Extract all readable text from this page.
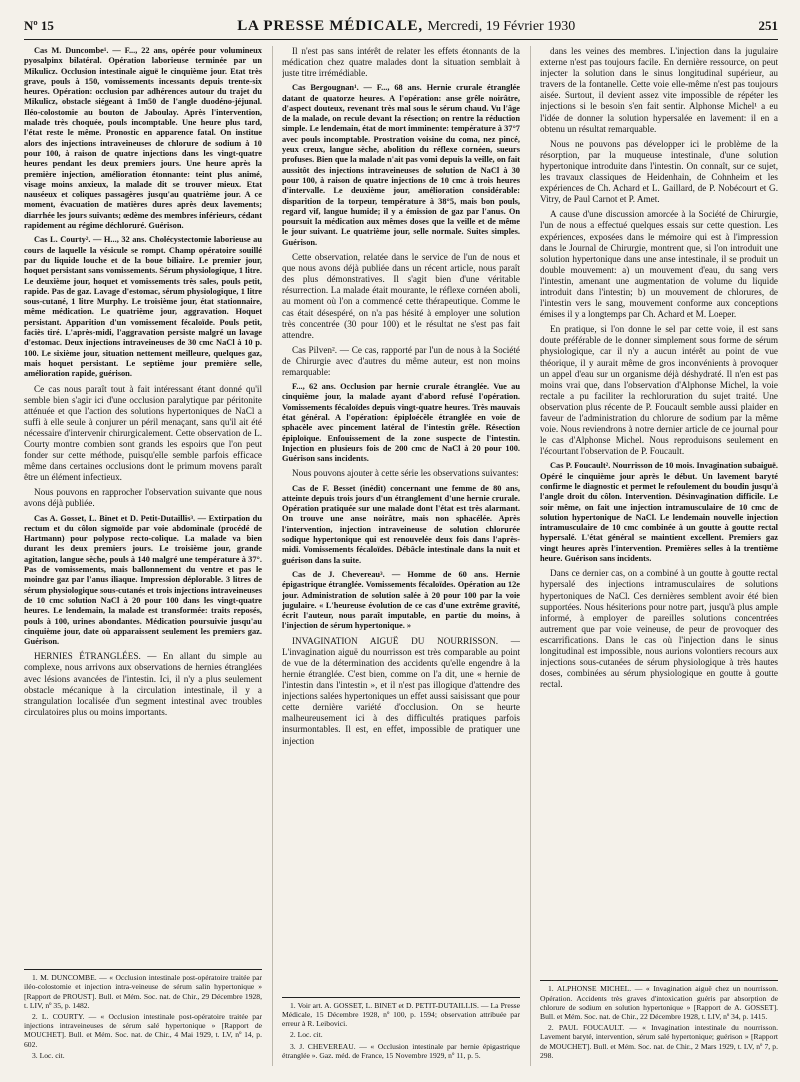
Nº 15	LA PRESSE MÉDICALE, Mercredi, 19 Février 1930	251

Cas M. Duncombe¹. — F..., 22 ans, opérée pour volumineux pyosalpinx bilatéral. Opération laborieuse terminée par un Mikulicz. Occlusion intestinale aiguë le cinquième jour. Etat très grave, pouls à 150, vomissements incessants depuis trente-six heures. Opération: occlusion par adhérences autour du trajet du Mikulicz, obstacle siégeant à 1m50 de l'angle duodéno-jéjunal. Iléo-colostomie au bouton de Jaboulay. Après l'intervention, malade très choquée, pouls incomptable. Une heure plus tard, l'état reste le même. Pronostic en apparence fatal. On institue alors des injections intraveineuses de chlorure de sodium à 10 pour 100, à raison de quatre injections dans les vingt-quatre heures pendant les deux premiers jours. Une heure après la première injection, amélioration étonnante: teint plus animé, visage moins anxieux, la malade dit se trouver mieux. Etat nauséeux et coliques passagères jusqu'au quatrième jour. A ce moment, évacuation de matières dures après deux lavements; diarrhée les jours suivants; œdème des membres inférieurs, cédant rapidement au régime déchloruré. Guérison.

Cas L. Courty². — H..., 32 ans. Cholécystectomie laborieuse au cours de laquelle la vésicule se rompt. Champ opératoire souillé par du liquide louche et de la boue biliaire. Le premier jour, hoquet persistant sans vomissements. Sérum physiologique, 1 litre. Le deuxième jour, hoquet et vomissements très sales, pouls petit, rapide. Pas de gaz. Lavage d'estomac, sérum physiologique, 1 litre sous-cutané, 1 litre Murphy. Le troisième jour, état stationnaire, même médication. Le quatrième jour, aggravation. Hoquet persistant. Apparition d'un vomissement fécaloïde. Pouls petit, faciès tiré. L'après-midi, l'aggravation persiste malgré un lavage d'estomac. Deux injections intraveineuses de 30 cmc NaCl à 10 p. 100. Le sixième jour, situation nettement meilleure, quelques gaz, mais hoquet persistant. Le septième jour première selle, amélioration rapide, guérison.

Ce cas nous paraît tout à fait intéressant étant donné qu'il semble bien s'agir ici d'une occlusion paralytique par péritonite atténuée et que l'action des solutions hypertoniques de NaCl a suffi à elle seule à conjurer un péril menaçant, sans qu'il ait été nécessaire d'intervenir chirurgicalement. Cette observation de L. Courty montre combien sont grands les espoirs que l'on peut fonder sur cette méthode, puisqu'elle semble parfois efficace même dans certaines occlusions dont le primum movens paraît être un élément infectieux.

Nous pouvons en rapprocher l'observation suivante que nous avons déjà publiée.

Cas A. Gosset, L. Binet et D. Petit-Dutaillis³. — Extirpation du rectum et du côlon sigmoïde par voie abdominale (procédé de Hartmann) pour polypose recto-colique. La malade va bien durant les deux premiers jours. Le troisième jour, grande agitation, langue sèche, pouls à 140 malgré une température à 37°. Pas de vomissements, mais ballonnement du ventre et pas le moindre gaz par l'anus iliaque. Impression déplorable. 3 litres de sérum physiologique sous-cutanés et trois injections intraveineuses de 10 cmc solution NaCl à 20 pour 100 dans les vingt-quatre heures. Le lendemain, la malade est transformée: traits reposés, pouls à 100, urines abondantes. Médication poursuivie jusqu'au cinquième jour, date où apparaissent seulement les premiers gaz. Guérison.

HERNIES ÉTRANGLÉES. — En allant du simple au complexe, nous arrivons aux observations de hernies étranglées avec lésions avancées de l'intestin. Ici, il n'y a plus seulement obstacle mécanique à la circulation intestinale, il y a strangulation localisée d'un segment intestinal avec troubles circulatoires plus ou moins importants.

1. M. DUNCOMBE. — « Occlusion intestinale post-opératoire traitée par iléo-colostomie et injection intra-veineuse de sérum salin hypertonique » [Rapport de PROUST]. Bull. et Mém. Soc. nat. de Chir., 29 Décembre 1928, t. LIV, nº 35, p. 1482.

2. L. COURTY. — « Occlusion intestinale post-opératoire traitée par injections intraveineuses de sérum salé hypertonique » [Rapport de MOUCHET]. Bull. et Mém. Soc. nat. de Chir., 4 Mai 1929, t. LV, nº 14, p. 602.

3. Loc. cit.

Il n'est pas sans intérêt de relater les effets étonnants de la médication chez quatre malades dont la situation semblait à juste titre irrémédiable.

Cas Bergougnan¹. — F..., 68 ans. Hernie crurale étranglée datant de quatorze heures. A l'opération: anse grêle noirâtre, d'aspect douteux, revenant très mal sous le sérum chaud. Vu l'âge de la malade, on recule devant la résection; on rentre la réduction simple. Le lendemain, état de mort imminente: température à 37°7 avec pouls incomptable. Prostration voisine du coma, nez pincé, yeux creux, langue sèche, abolition du réflexe cornéen, sueurs profuses. Bien que la malade n'ait pas vomi depuis la veille, on fait aussitôt des injections intraveineuses de solution de NaCl à 30 pour 100, à raison de quatre injections de 10 cmc à trois heures d'intervalle. Le deuxième jour, amélioration considérable: disparition de la torpeur, température à 38°5, mais bon pouls, regard vif, langue humide; il y a émission de gaz par l'anus. On poursuit la médication aux mêmes doses que la veille et de même le jour suivant. Le quatrième jour, selle normale. Suites simples. Guérison.

Cette observation, relatée dans le service de l'un de nous et que nous avons déjà publiée dans un récent article, nous paraît des plus démonstratives. Il s'agit bien d'une véritable résurrection. La malade était mourante, le réflexe cornéen aboli, au moment où l'on a commencé cette thérapeutique. Comme le cas était désespéré, on n'a pas hésité à employer une solution très concentrée (30 pour 100) et le résultat ne s'est pas fait attendre.

Cas Pilven². — Ce cas, rapporté par l'un de nous à la Société de Chirurgie avec d'autres du même auteur, est non moins remarquable:

F..., 62 ans. Occlusion par hernie crurale étranglée. Vue au cinquième jour, la malade ayant d'abord refusé l'opération. Vomissements fécaloïdes depuis vingt-quatre heures. Très mauvais état général. A l'opération: épiploécèle étranglée en voie de sphacèle avec pincement latéral de l'intestin grêle. Résection épiploïque. Enfouissement de la zone suspecte de l'intestin. Injection en plusieurs fois de 200 cmc de NaCl à 20 pour 100. Guérison sans incidents.

Nous pouvons ajouter à cette série les observations suivantes:

Cas de F. Besset (inédit) concernant une femme de 80 ans, atteinte depuis trois jours d'un étranglement d'une hernie crurale. Opération pratiquée sur une malade dont l'état est très alarmant. On trouve une anse noirâtre, mais non sphacélée. Après l'intervention, injection intraveineuse de solution chlorurée sodique hypertonique qui est renouvelée deux fois dans l'après-midi. Vomissements fécaloïdes. Débâcle intestinale dans la nuit et guérison dans la suite.

Cas de J. Chevereau³. — Homme de 60 ans. Hernie épigastrique étranglée. Vomissements fécaloïdes. Opération au 12e jour. Administration de solution salée à 20 pour 100 par la voie jugulaire. « L'heureuse évolution de ce cas d'une extrême gravité, écrit l'auteur, nous paraît imputable, en partie du moins, à l'injection de sérum hypertonique. »

INVAGINATION AIGUË DU NOURRISSON. — L'invagination aiguë du nourrisson est très comparable au point de vue de la détermination des accidents qu'elle engendre à la hernie étranglée. C'est bien, comme on l'a dit, une « hernie de l'intestin dans l'intestin », et il n'est pas illogique d'attendre des injections salées hypertoniques un effet aussi saisissant que pour cette dernière variété d'occlusion. On se heurte malheureusement ici à des difficultés pratiques parfois insurmontables. Il est, en effet, impossible de pratiquer une injection

1. Voir art. A. GOSSET, L. BINET et D. PETIT-DUTAILLIS. — La Presse Médicale, 15 Décembre 1928, nº 100, p. 1594; observation attribuée par erreur à R. Leibovici.

2. Loc. cit.

3. J. CHEVEREAU. — « Occlusion intestinale par hernie épigastrique étranglée ». Gaz. méd. de France, 15 Novembre 1929, nº 11, p. 5.

dans les veines des membres. L'injection dans la jugulaire externe n'est pas toujours facile. En dernière ressource, on peut injecter la solution dans le sinus longitudinal supérieur, au travers de la fontanelle. Cette voie elle-même n'est pas toujours aisée. Surtout, il devient assez vite impossible de répéter les injections si le besoin s'en fait sentir. Alphonse Michel¹ a eu l'idée de donner la solution hypersalée en lavement: il en a obtenu un résultat remarquable.

Nous ne pouvons pas développer ici le problème de la résorption, par la muqueuse intestinale, d'une solution hypertonique introduite dans l'intestin. On connaît, sur ce sujet, les travaux classiques de Heidenhain, de Cohnheim et les expériences de Ch. Achard et L. Gaillard, de P. Nobécourt et G. Vitry, de Paul Carnot et P. Amet.

A cause d'une discussion amorcée à la Société de Chirurgie, l'un de nous a effectué quelques essais sur cette question. Les expériences, exposées dans le mémoire qui est à l'impression dans le Journal de Chirurgie, montrent que, si l'on introduit une solution hypertonique dans une anse intestinale, il se produit un double mouvement: a) un mouvement d'eau, du sang vers l'intestin, amenant une augmentation de volume du liquide introduit dans l'intestin; b) un mouvement de chlorures, de l'intestin vers le sang, mouvement conforme aux conceptions émises il y a longtemps par Ch. Achard et M. Loeper.

En pratique, si l'on donne le sel par cette voie, il est sans doute préférable de le donner simplement sous forme de sérum physiologique, car il n'y a aucun intérêt au point de vue théorique, il y aurait même de gros inconvénients à provoquer un appel d'eau sur un organisme déjà déshydraté. Il n'en est pas moins vrai que, dans l'observation d'Alphonse Michel, la voie rectale a pu faciliter la rechloruration du sujet traité. Une observation plus récente de P. Foucault semble aussi plaider en faveur de l'administration du chlorure de sodium par la même voie. Nous reviendrons à notre dernier article de ce journal pour le cas d'Alphonse Michel. Nous reproduisons seulement en l'écourtant l'observation de P. Foucault.

Cas P. Foucault². Nourrisson de 10 mois. Invagination subaiguë. Opéré le cinquième jour après le début. Un lavement baryté confirme le diagnostic et permet le refoulement du boudin jusqu'à l'angle droit du côlon. Intervention. Désinvagination difficile. Le soir même, on fait une injection intramusculaire de 10 cmc de solution hypertonique de NaCl. Le lendemain nouvelle injection intramusculaire de 10 cmc combinée à un goutte à goutte rectal hypersalé. L'état général se maintient excellent. Premiers gaz vingt heures après l'intervention. Premières selles à la trentième heure. Guérison sans incidents.

Dans ce dernier cas, on a combiné à un goutte à goutte rectal hypersalé des injections intramusculaires de solutions hypertoniques de NaCl. Ces dernières semblent avoir été bien supportées. Nous hésiterions pour notre part, jusqu'à plus ample informé, à employer de pareilles solutions concentrées autrement que par voie veineuse, de peur de provoquer des escarrifications. Dans le cas où l'injection dans le sinus longitudinal est impossible, nous aurions volontiers recours aux injections sous-cutanées de sérum physiologique à très hautes doses, combinées au sérum physiologique en goutte à goutte rectal.

1. ALPHONSE MICHEL. — « Invagination aiguë chez un nourrisson. Opération. Accidents très graves d'intoxication guéris par absorption de chlorure de sodium en solution hypertonique » [Rapport de A. GOSSET]. Bull. et Mém. Soc. nat. de Chir., 22 Décembre 1928, t. LIV, nº 34, p. 1415.

2. PAUL FOUCAULT. — « Invagination intestinale du nourrisson. Lavement baryté, intervention, sérum salé hypertonique; guérison » [Rapport de MOUCHET]. Bull. et Mém. Soc. nat. de Chir., 2 Mars 1929, t. LV, nº 7, p. 298.
